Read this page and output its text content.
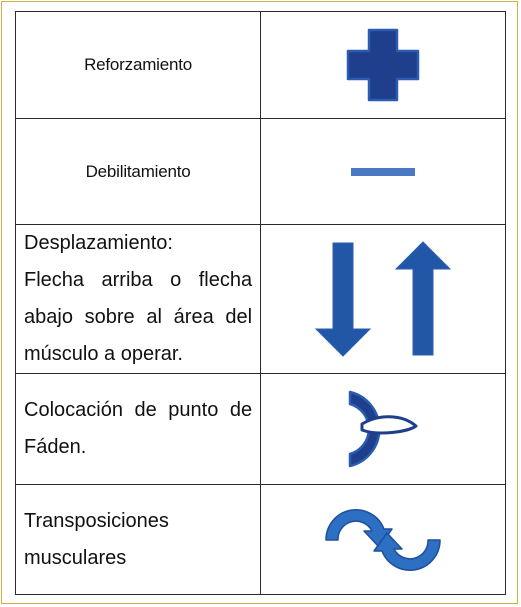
Reforzamiento

Debilitamiento

Desplazamiento:
Flecha arriba o flecha abajo sobre al área del músculo a operar.

Colocación de punto de Fáden.

Transposiciones musculares
